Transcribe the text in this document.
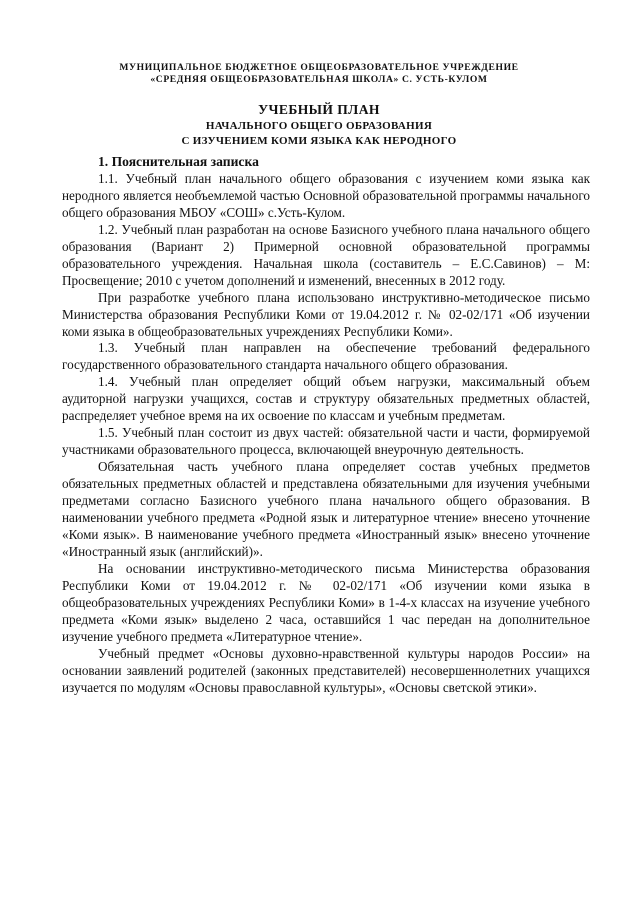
МУНИЦИПАЛЬНОЕ БЮДЖЕТНОЕ ОБЩЕОБРАЗОВАТЕЛЬНОЕ УЧРЕЖДЕНИЕ
«СРЕДНЯЯ ОБЩЕОБРАЗОВАТЕЛЬНАЯ ШКОЛА» С. УСТЬ-КУЛОМ
УЧЕБНЫЙ ПЛАН
НАЧАЛЬНОГО ОБЩЕГО ОБРАЗОВАНИЯ
С ИЗУЧЕНИЕМ КОМИ ЯЗЫКА КАК НЕРОДНОГО

1. Пояснительная записка

1.1. Учебный план начального общего образования с изучением коми языка как неродного является необъемлемой частью Основной образовательной программы начального общего образования МБОУ «СОШ» с.Усть-Кулом.

1.2. Учебный план разработан на основе Базисного учебного плана начального общего образования (Вариант 2) Примерной основной образовательной программы образовательного учреждения. Начальная школа (составитель – Е.С.Савинов) – М: Просвещение; 2010 с учетом дополнений и изменений, внесенных в 2012 году.

При разработке учебного плана использовано инструктивно-методическое письмо Министерства образования Республики Коми от 19.04.2012 г. № 02-02/171 «Об изучении коми языка в общеобразовательных учреждениях Республики Коми».

1.3. Учебный план направлен на обеспечение требований федерального государственного образовательного стандарта начального общего образования.

1.4. Учебный план определяет общий объем нагрузки, максимальный объем аудиторной нагрузки учащихся, состав и структуру обязательных предметных областей, распределяет учебное время на их освоение по классам и учебным предметам.

1.5. Учебный план состоит из двух частей: обязательной части и части, формируемой участниками образовательного процесса, включающей внеурочную деятельность.

Обязательная часть учебного плана определяет состав учебных предметов обязательных предметных областей и представлена обязательными для изучения учебными предметами согласно Базисного учебного плана начального общего образования. В наименовании учебного предмета «Родной язык и литературное чтение» внесено уточнение «Коми язык». В наименование учебного предмета «Иностранный язык» внесено уточнение «Иностранный язык (английский)».

На основании инструктивно-методического письма Министерства образования Республики Коми от 19.04.2012 г. № 02-02/171 «Об изучении коми языка в общеобразовательных учреждениях Республики Коми» в 1-4-х классах на изучение учебного предмета «Коми язык» выделено 2 часа, оставшийся 1 час передан на дополнительное изучение учебного предмета «Литературное чтение».

Учебный предмет «Основы духовно-нравственной культуры народов России» на основании заявлений родителей (законных представителей) несовершеннолетних учащихся изучается по модулям «Основы православной культуры», «Основы светской этики».
